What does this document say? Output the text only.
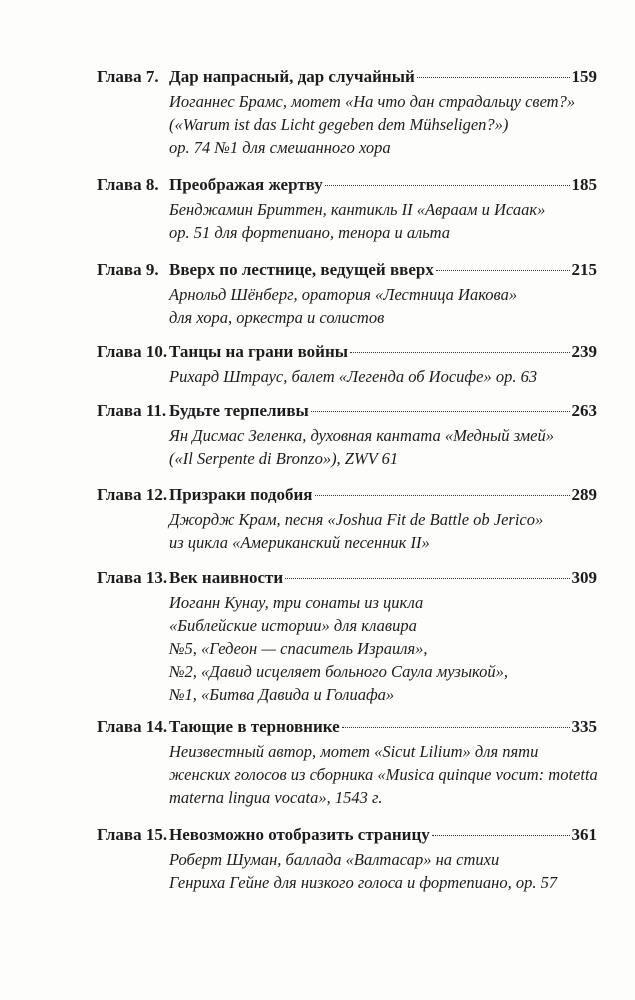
Глава 7. Дар напрасный, дар случайный	159
Иоганнес Брамс, мотет «На что дан страдальцу свет?»
(«Warum ist das Licht gegeben dem Mühseligen?»)
ор. 74 №1 для смешанного хора
Глава 8. Преображая жертву	185
Бенджамин Бриттен, кантикль II «Авраам и Исаак»
ор. 51 для фортепиано, тенора и альта
Глава 9. Вверх по лестнице, ведущей вверх	215
Арнольд Шёнберг, оратория «Лестница Иакова»
для хора, оркестра и солистов
Глава 10. Танцы на грани войны	239
Рихард Штраус, балет «Легенда об Иосифе» ор. 63
Глава 11. Будьте терпеливы	263
Ян Дисмас Зеленка, духовная кантата «Медный змей»
(«Il Serpente di Bronzo»), ZWV 61
Глава 12. Призраки подобия	289
Джордж Крам, песня «Joshua Fit de Battle ob Jerico»
из цикла «Американский песенник II»
Глава 13. Век наивности	309
Иоганн Кунау, три сонаты из цикла
«Библейские истории» для клавира
№5, «Гедеон — спаситель Израиля»,
№2, «Давид исцеляет больного Саула музыкой»,
№1, «Битва Давида и Голиафа»
Глава 14. Тающие в терновнике	335
Неизвестный автор, мотет «Sicut Lilium» для пяти
женских голосов из сборника «Musica quinque vocum: motetta
materna lingua vocata», 1543 г.
Глава 15. Невозможно отобразить страницу	361
Роберт Шуман, баллада «Валтасар» на стихи
Генриха Гейне для низкого голоса и фортепиано, ор. 57
